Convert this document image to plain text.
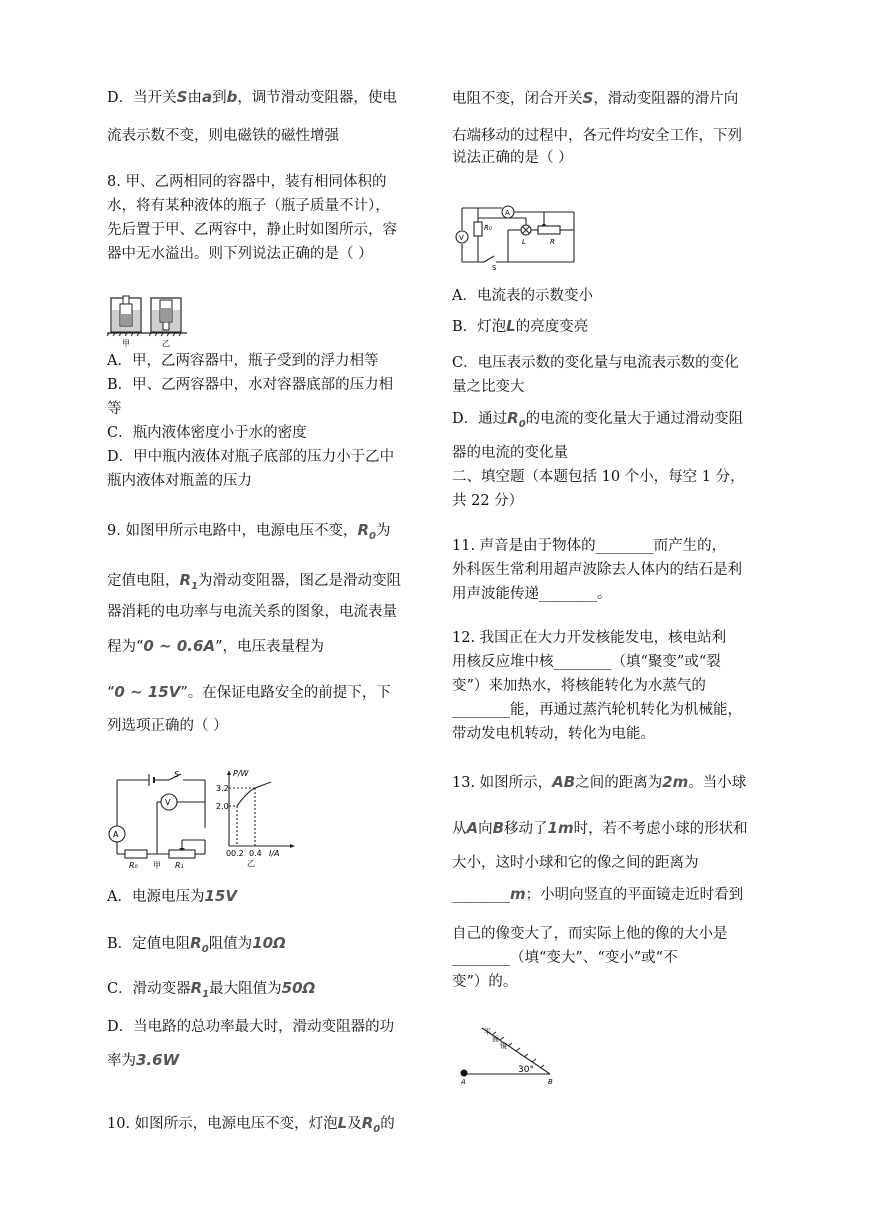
D．当开关S由a到b，调节滑动变阻器，使电
流表示数不变，则电磁铁的磁性增强
8. 甲、乙两相同的容器中，装有相同体积的
水，将有某种液体的瓶子（瓶子质量不计），
先后置于甲、乙两容中，静止时如图所示，容
器中无水溢出。则下列说法正确的是（ ）
甲	乙
A．甲，乙两容器中，瓶子受到的浮力相等
B．甲、乙两容器中，水对容器底部的压力相
等
C．瓶内液体密度小于水的密度
D．甲中瓶内液体对瓶子底部的压力小于乙中
瓶内液体对瓶盖的压力
9. 如图甲所示电路中，电源电压不变，$R_0$为
定值电阻，$R_1$为滑动变阻器，图乙是滑动变阻
器消耗的电功率与电流关系的图象，电流表量
程为“0 ~ 0.6A”，电压表量程为
“0 ~ 15V”。在保证电路安全的前提下，下
列选项正确的（ ）
S
V
A
R₀	R₁
甲
P/W
3.2
2.0
0 0.2 0.4 I/A
乙
A．电源电压为15V
B．定值电阻$R_0$阻值为10Ω
C．滑动变器$R_1$最大阻值为50Ω
D．当电路的总功率最大时，滑动变阻器的功
率为3.6W
10. 如图所示，电源电压不变，灯泡L及$R_0$的
电阻不变，闭合开关S，滑动变阻器的滑片向
右端移动的过程中，各元件均安全工作，下列
说法正确的是（ ）
A
V
R₀
L	R
S
A．电流表的示数变小
B．灯泡L的亮度变亮
C．电压表示数的变化量与电流表示数的变化
量之比变大
D．通过$R_0$的电流的变化量大于通过滑动变阻
器的电流的变化量
二、填空题（本题包括 10 个小，每空 1 分，
共 22 分）
11. 声音是由于物体的________而产生的，
外科医生常利用超声波除去人体内的结石是利
用声波能传递________。
12. 我国正在大力开发核能发电，核电站利
用核反应堆中核________（填“聚变”或“裂
变”）来加热水，将核能转化为水蒸气的
________能，再通过蒸汽轮机转化为机械能，
带动发电机转动，转化为电能。
13. 如图所示，AB之间的距离为2m。当小球
从A向B移动了1m时，若不考虑小球的形状和
大小，这时小球和它的像之间的距离为
________m；小明向竖直的平面镜走近时看到
自己的像变大了，而实际上他的像的大小是
________（填“变大”、“变小”或“不
变”）的。
平
面
镜
30°
A	B
